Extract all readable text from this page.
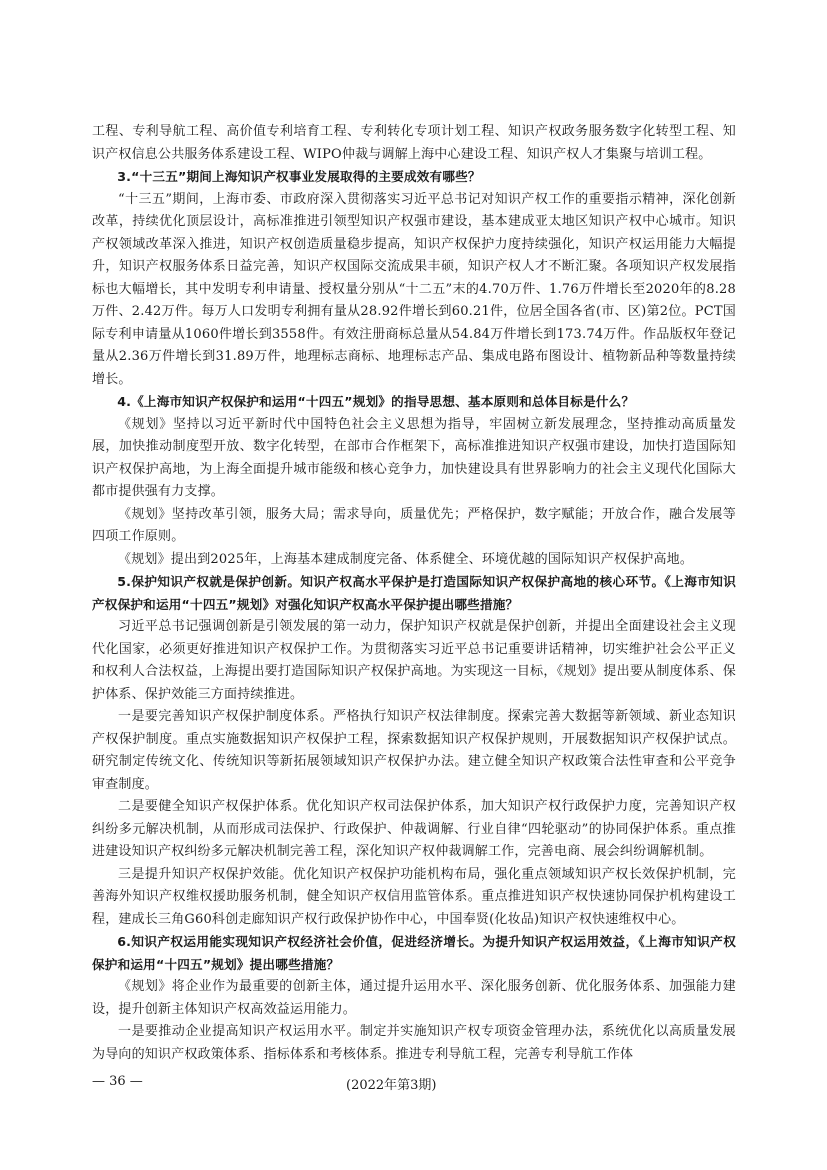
工程、专利导航工程、高价值专利培育工程、专利转化专项计划工程、知识产权政务服务数字化转型工程、知识产权信息公共服务体系建设工程、WIPO仲裁与调解上海中心建设工程、知识产权人才集聚与培训工程。

3.“十三五”期间上海知识产权事业发展取得的主要成效有哪些？

“十三五”期间，上海市委、市政府深入贯彻落实习近平总书记对知识产权工作的重要指示精神，深化创新改革，持续优化顶层设计，高标准推进引领型知识产权强市建设，基本建成亚太地区知识产权中心城市。知识产权领域改革深入推进，知识产权创造质量稳步提高，知识产权保护力度持续强化，知识产权运用能力大幅提升，知识产权服务体系日益完善，知识产权国际交流成果丰硕，知识产权人才不断汇聚。各项知识产权发展指标也大幅增长，其中发明专利申请量、授权量分别从“十二五”末的4.70万件、1.76万件增长至2020年的8.28万件、2.42万件。每万人口发明专利拥有量从28.92件增长到60.21件，位居全国各省(市、区)第2位。PCT国际专利申请量从1060件增长到3558件。有效注册商标总量从54.84万件增长到173.74万件。作品版权年登记量从2.36万件增长到31.89万件，地理标志商标、地理标志产品、集成电路布图设计、植物新品种等数量持续增长。

4.《上海市知识产权保护和运用“十四五”规划》的指导思想、基本原则和总体目标是什么？

《规划》坚持以习近平新时代中国特色社会主义思想为指导，牢固树立新发展理念，坚持推动高质量发展，加快推动制度型开放、数字化转型，在部市合作框架下，高标准推进知识产权强市建设，加快打造国际知识产权保护高地，为上海全面提升城市能级和核心竞争力，加快建设具有世界影响力的社会主义现代化国际大都市提供强有力支撑。

《规划》坚持改革引领，服务大局；需求导向，质量优先；严格保护，数字赋能；开放合作，融合发展等四项工作原则。

《规划》提出到2025年，上海基本建成制度完备、体系健全、环境优越的国际知识产权保护高地。

5.保护知识产权就是保护创新。知识产权高水平保护是打造国际知识产权保护高地的核心环节。《上海市知识产权保护和运用“十四五”规划》对强化知识产权高水平保护提出哪些措施？

习近平总书记强调创新是引领发展的第一动力，保护知识产权就是保护创新，并提出全面建设社会主义现代化国家，必须更好推进知识产权保护工作。为贯彻落实习近平总书记重要讲话精神，切实维护社会公平正义和权利人合法权益，上海提出要打造国际知识产权保护高地。为实现这一目标，《规划》提出要从制度体系、保护体系、保护效能三方面持续推进。

一是要完善知识产权保护制度体系。严格执行知识产权法律制度。探索完善大数据等新领域、新业态知识产权保护制度。重点实施数据知识产权保护工程，探索数据知识产权保护规则，开展数据知识产权保护试点。研究制定传统文化、传统知识等新拓展领域知识产权保护办法。建立健全知识产权政策合法性审查和公平竞争审查制度。

二是要健全知识产权保护体系。优化知识产权司法保护体系，加大知识产权行政保护力度，完善知识产权纠纷多元解决机制，从而形成司法保护、行政保护、仲裁调解、行业自律“四轮驱动”的协同保护体系。重点推进建设知识产权纠纷多元解决机制完善工程，深化知识产权仲裁调解工作，完善电商、展会纠纷调解机制。

三是提升知识产权保护效能。优化知识产权保护功能机构布局，强化重点领域知识产权长效保护机制，完善海外知识产权维权援助服务机制，健全知识产权信用监管体系。重点推进知识产权快速协同保护机构建设工程，建成长三角G60科创走廊知识产权行政保护协作中心，中国奉贤(化妆品)知识产权快速维权中心。

6.知识产权运用能实现知识产权经济社会价值，促进经济增长。为提升知识产权运用效益，《上海市知识产权保护和运用“十四五”规划》提出哪些措施？

《规划》将企业作为最重要的创新主体，通过提升运用水平、深化服务创新、优化服务体系、加强能力建设，提升创新主体知识产权高效益运用能力。

一是要推动企业提高知识产权运用水平。制定并实施知识产权专项资金管理办法，系统优化以高质量发展为导向的知识产权政策体系、指标体系和考核体系。推进专利导航工程，完善专利导航工作体

— 36 —	(2022年第3期)
